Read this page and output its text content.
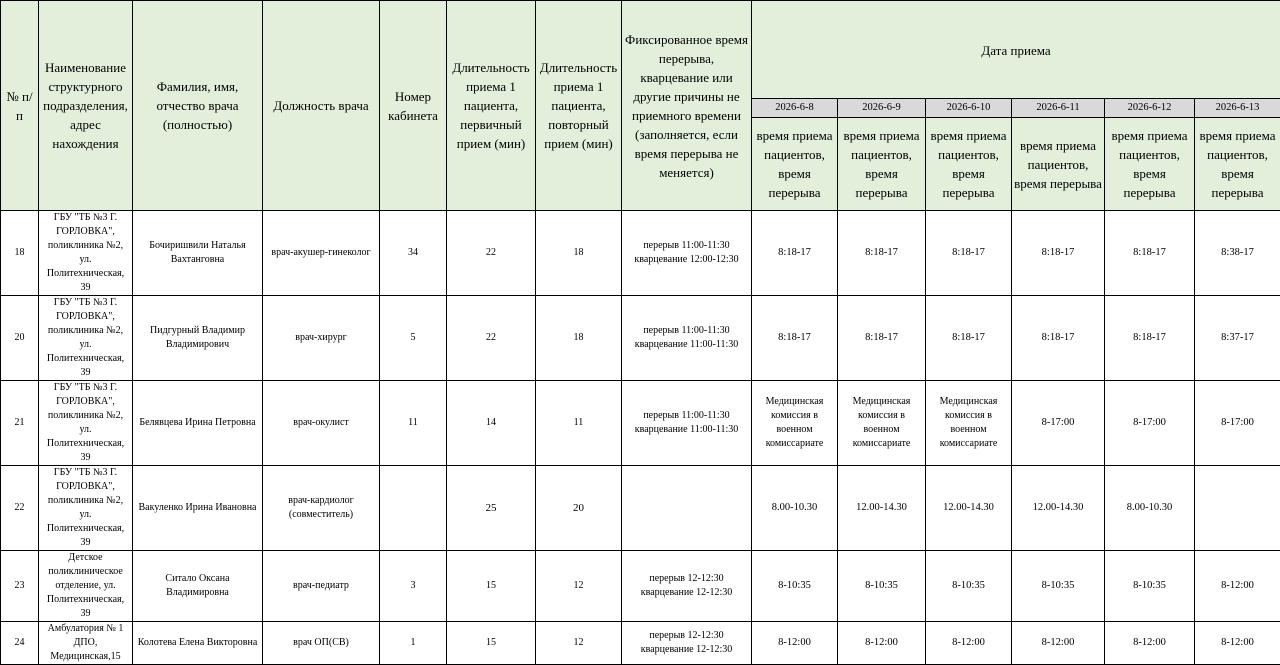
№ п/п	Наименование структурного подразделения, адрес нахождения	Фамилия, имя, отчество врача (полностью)	Должность врача	Номер кабинета	Длительность приема 1 пациента, первичный прием (мин)	Длительность приема 1 пациента, повторный прием (мин)	Фиксированное время перерыва, кварцевание или другие причины не приемного времени (заполняется, если время перерыва не меняется)	Дата приема					
								2026-6-8	2026-6-9	2026-6-10	2026-6-11	2026-6-12	2026-6-13
								время приема пациентов, время перерыва	время приема пациентов, время перерыва	время приема пациентов, время перерыва	время приема пациентов, время перерыва	время приема пациентов, время перерыва	время приема пациентов, время перерыва
18	ГБУ "ТБ №3 Г. ГОРЛОВКА", поликлиника №2, ул. Политехническая, 39	Бочиришвили Наталья Вахтанговна	врач-акушер-гинеколог	34	22	18	перерыв 11:00-11:30 кварцевание 12:00-12:30	8:18-17	8:18-17	8:18-17	8:18-17	8:18-17	8:38-17
20	ГБУ "ТБ №3 Г. ГОРЛОВКА", поликлиника №2, ул. Политехническая, 39	Пидгурный Владимир Владимирович	врач-хирург	5	22	18	перерыв 11:00-11:30 кварцевание 11:00-11:30	8:18-17	8:18-17	8:18-17	8:18-17	8:18-17	8:37-17
21	ГБУ "ТБ №3 Г. ГОРЛОВКА", поликлиника №2, ул. Политехническая, 39	Белявцева Ирина Петровна	врач-окулист	11	14	11	перерыв 11:00-11:30 кварцевание 11:00-11:30	Медицинская комиссия в военном комиссариате	Медицинская комиссия в военном комиссариате	Медицинская комиссия в военном комиссариате	8-17:00	8-17:00	8-17:00
22	ГБУ "ТБ №3 Г. ГОРЛОВКА", поликлиника №2, ул. Политехническая, 39	Вакуленко Ирина Ивановна	врач-кардиолог (совместитель)		25	20		8.00-10.30	12.00-14.30	12.00-14.30	12.00-14.30	8.00-10.30	
23	Детское поликлиническое отделение, ул. Политехническая, 39	Ситало Оксана Владимировна	врач-педиатр	3	15	12	перерыв 12-12:30 кварцевание 12-12:30	8-10:35	8-10:35	8-10:35	8-10:35	8-10:35	8-12:00
24	Амбулатория № 1 ДПО, Медицинская,15	Колотева Елена Викторовна	врач ОП(СВ)	1	15	12	перерыв 12-12:30 кварцевание 12-12:30	8-12:00	8-12:00	8-12:00	8-12:00	8-12:00	8-12:00
